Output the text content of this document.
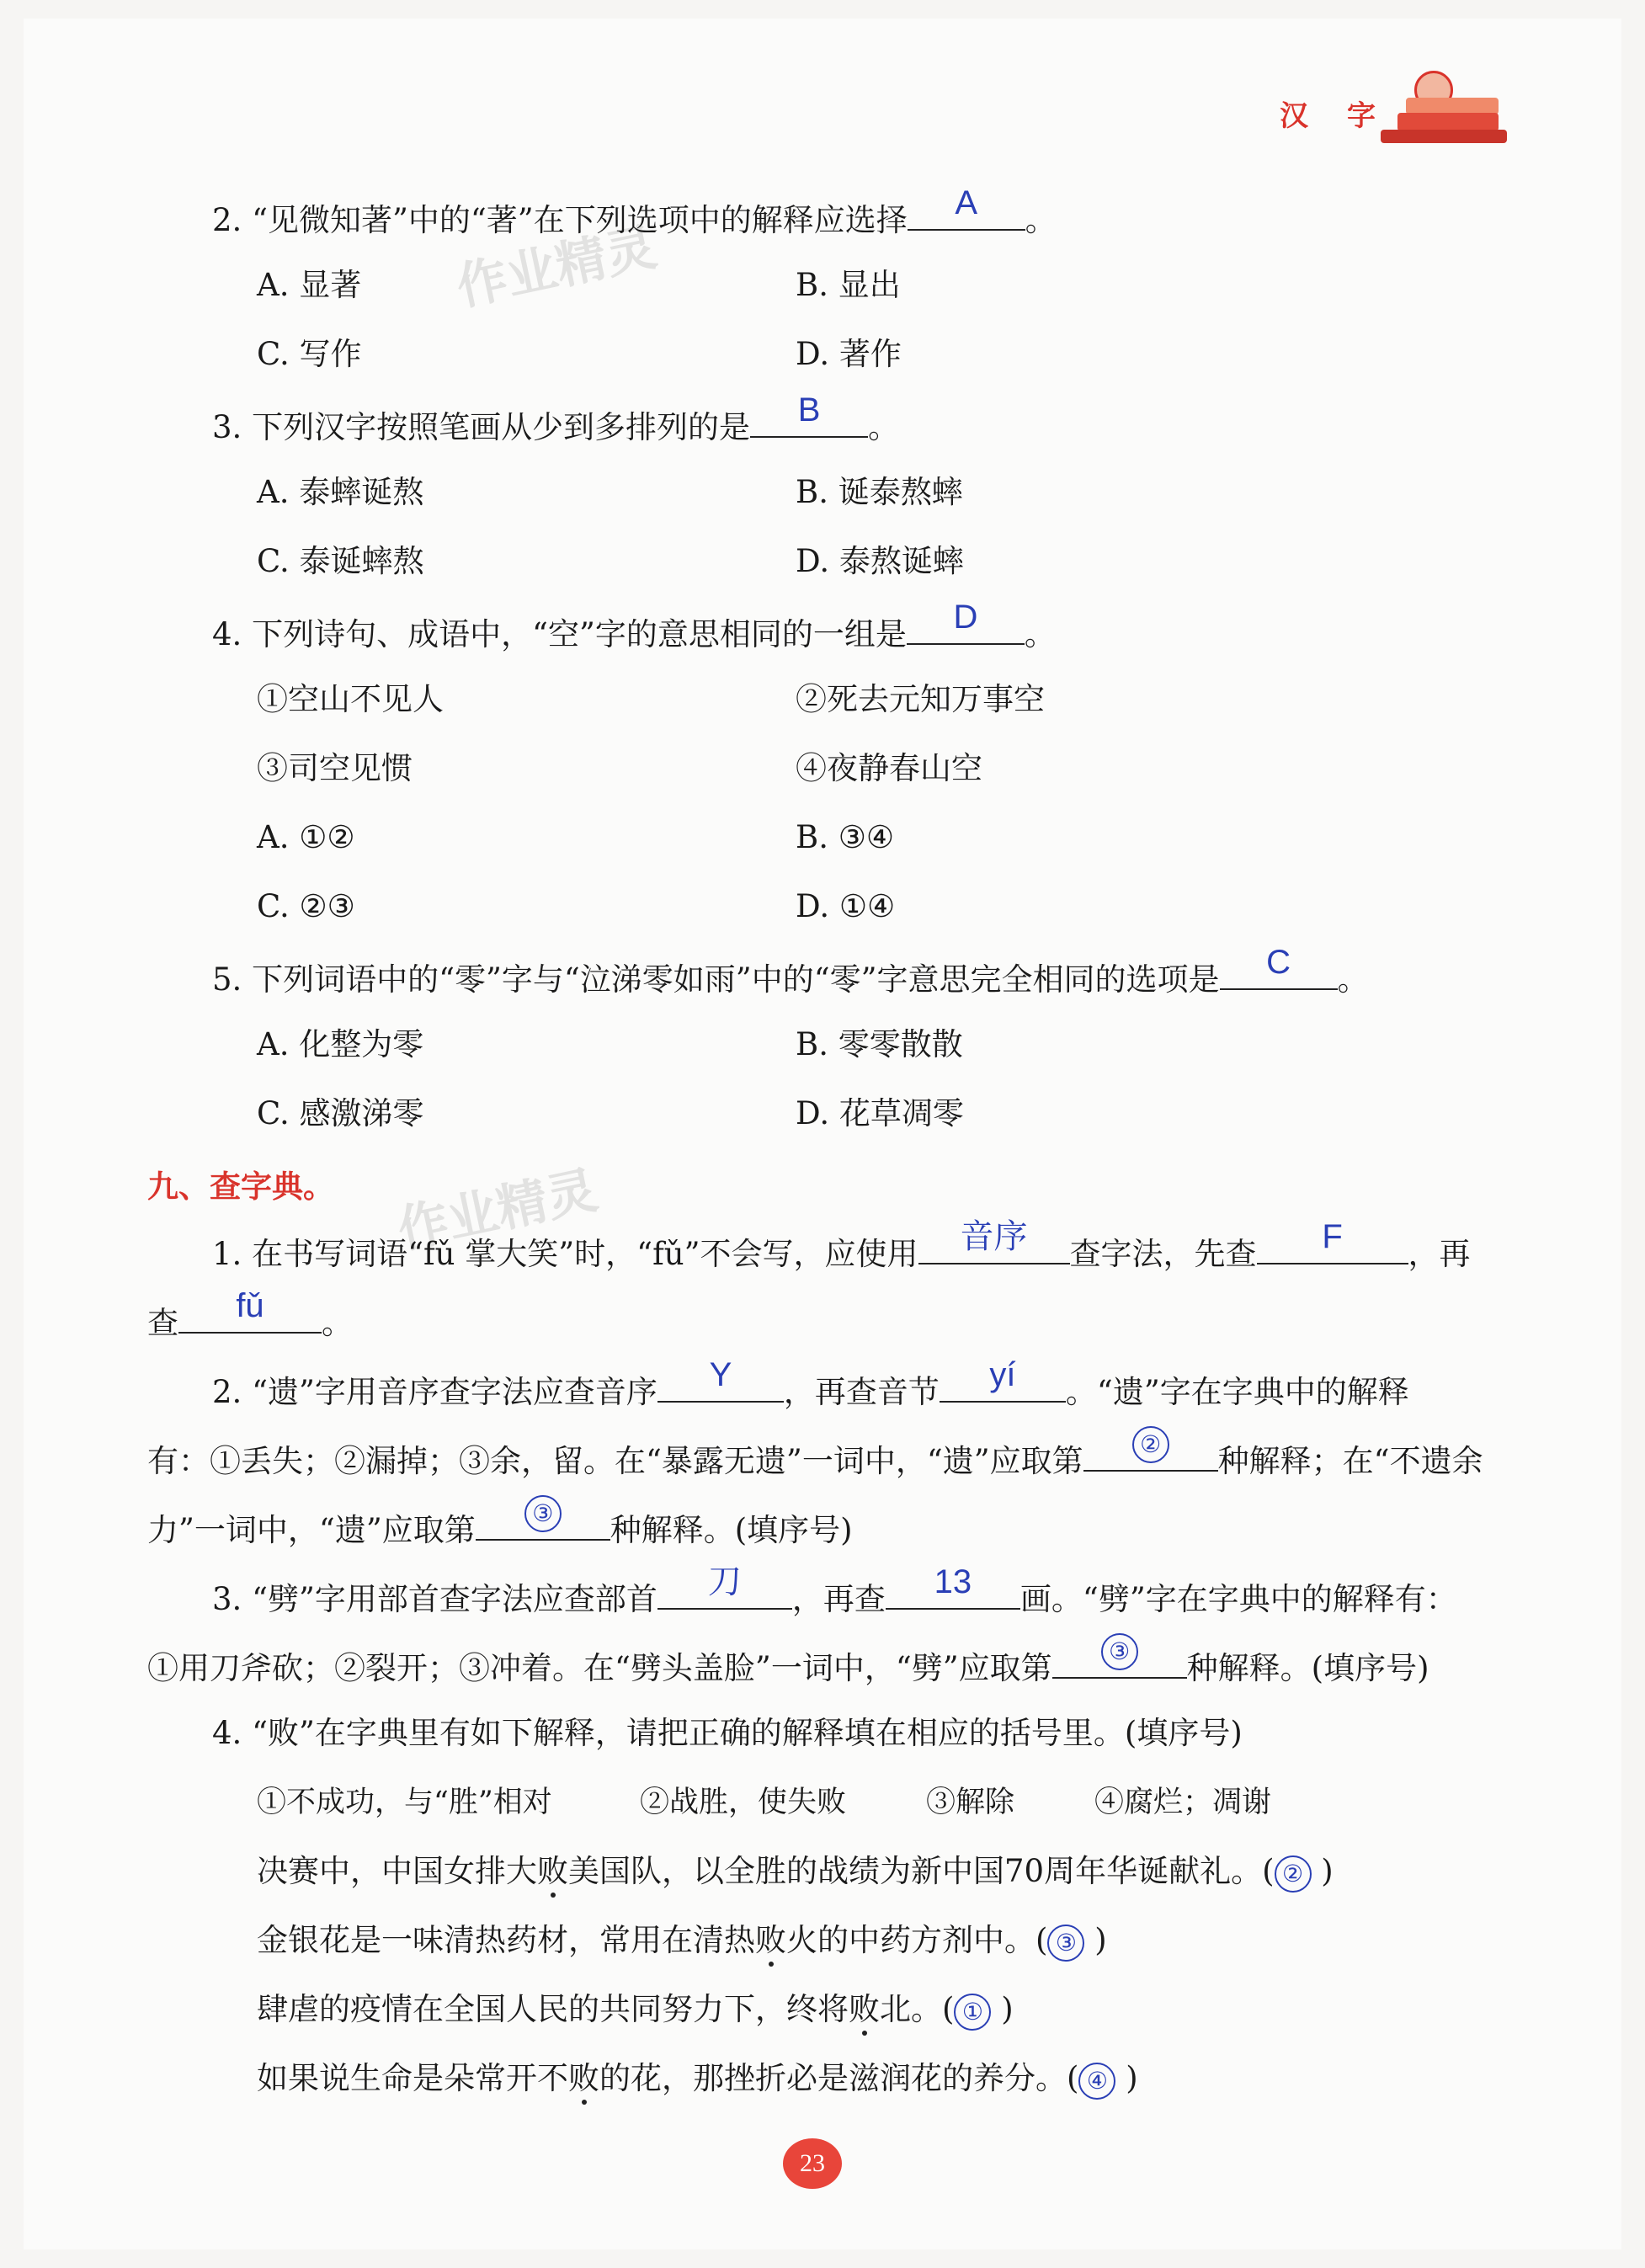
汉 字
作业精灵
作业精灵
2. “见微知著”中的“著”在下列选项中的解释应选择	A	。
A. 显著	B. 显出
C. 写作	D. 著作
3. 下列汉字按照笔画从少到多排列的是	B	。
A. 泰蟀诞熬	B. 诞泰熬蟀
C. 泰诞蟀熬	D. 泰熬诞蟀
4. 下列诗句、成语中，“空”字的意思相同的一组是	D	。
①空山不见人	②死去元知万事空
③司空见惯	④夜静春山空
A. ①②	B. ③④
C. ②③	D. ①④
5. 下列词语中的“零”字与“泣涕零如雨”中的“零”字意思完全相同的选项是	C	。
A. 化整为零	B. 零零散散
C. 感激涕零	D. 花草凋零
九、查字典。
1. 在书写词语“fǔ 掌大笑”时，“fǔ”不会写，应使用	音序	查字法，先查	F	，再
查	fǔ	。
2. “遗”字用音序查字法应查音序	Y	，再查音节	yí	。“遗”字在字典中的解释
有：①丢失；②漏掉；③余，留。在“暴露无遗”一词中，“遗”应取第	② 种解释；在“不遗余
力”一词中，“遗”应取第	③ 种解释。(填序号)
3. “劈”字用部首查字法应查部首	刀	，再查	13	画。“劈”字在字典中的解释有：
①用刀斧砍；②裂开；③冲着。在“劈头盖脸”一词中，“劈”应取第	③ 种解释。(填序号)
4. “败”在字典里有如下解释，请把正确的解释填在相应的括号里。(填序号)
①不成功，与“胜”相对	②战胜，使失败	③解除	④腐烂；凋谢
决赛中，中国女排大败美国队，以全胜的战绩为新中国70周年华诞献礼。( ② )
金银花是一味清热药材，常用在清热败火的中药方剂中。( ③ )
肆虐的疫情在全国人民的共同努力下，终将败北。( ① )
如果说生命是朵常开不败的花，那挫折必是滋润花的养分。( ④ )
23
